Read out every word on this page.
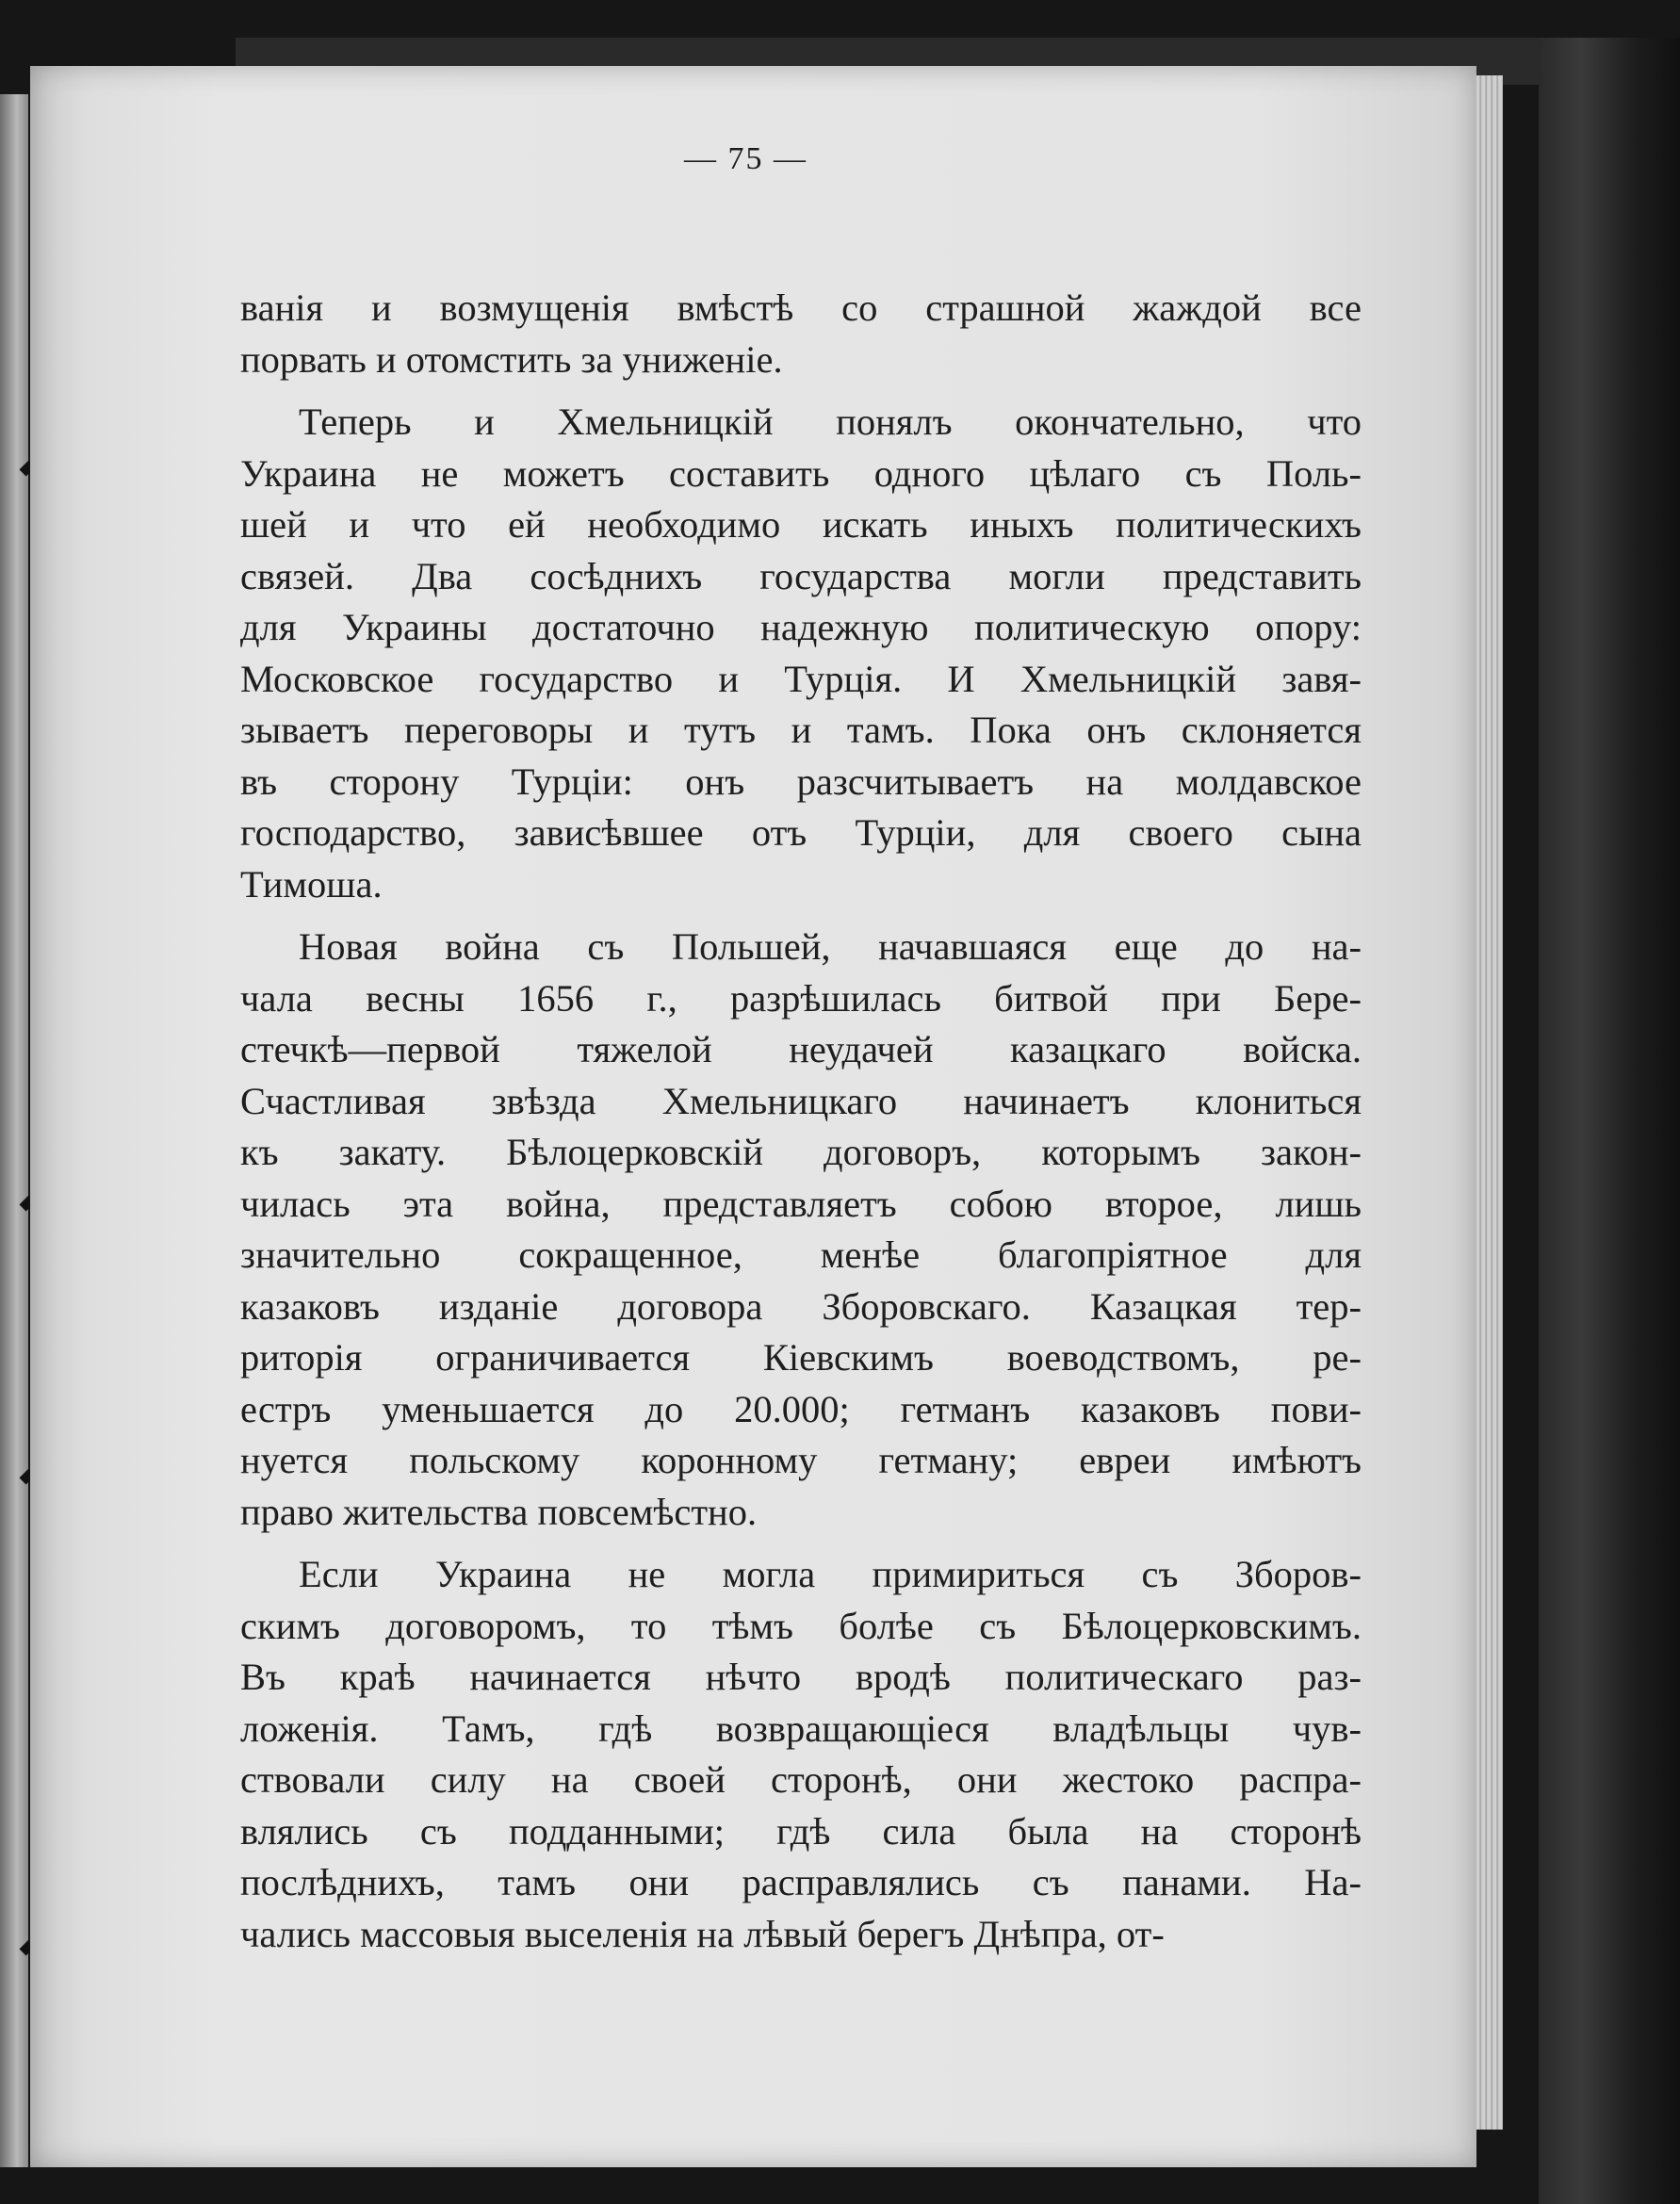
— 75 —
ванія и возмущенія вмѣстѣ со страшной жаждой все
порвать и отомстить за униженіе.
Теперь и Хмельницкій понялъ окончательно, что
Украина не можетъ составить одного цѣлаго съ Поль-
шей и что ей необходимо искать иныхъ политическихъ
связей. Два сосѣднихъ государства могли представить
для Украины достаточно надежную политическую опору:
Московское государство и Турція. И Хмельницкій завя-
зываетъ переговоры и тутъ и тамъ. Пока онъ склоняется
въ сторону Турціи: онъ разсчитываетъ на молдавское
господарство, зависѣвшее отъ Турціи, для своего сына
Тимоша.
Новая война съ Польшей, начавшаяся еще до на-
чала весны 1656 г., разрѣшилась битвой при Бере-
стечкѣ—первой тяжелой неудачей казацкаго войска.
Счастливая звѣзда Хмельницкаго начинаетъ клониться
къ закату. Бѣлоцерковскій договоръ, которымъ закон-
чилась эта война, представляетъ собою второе, лишь
значительно сокращенное, менѣе благопріятное для
казаковъ изданіе договора Зборовскаго. Казацкая тер-
риторія ограничивается Кіевскимъ воеводствомъ, ре-
естръ уменьшается до 20.000; гетманъ казаковъ пови-
нуется польскому коронному гетману; евреи имѣютъ
право жительства повсемѣстно.
Если Украина не могла примириться съ Зборов-
скимъ договоромъ, то тѣмъ болѣе съ Бѣлоцерковскимъ.
Въ краѣ начинается нѣчто вродѣ политическаго раз-
ложенія. Тамъ, гдѣ возвращающіеся владѣльцы чув-
ствовали силу на своей сторонѣ, они жестоко распра-
влялись съ подданными; гдѣ сила была на сторонѣ
послѣднихъ, тамъ они расправлялись съ панами. На-
чались массовыя выселенія на лѣвый берегъ Днѣпра, от-
